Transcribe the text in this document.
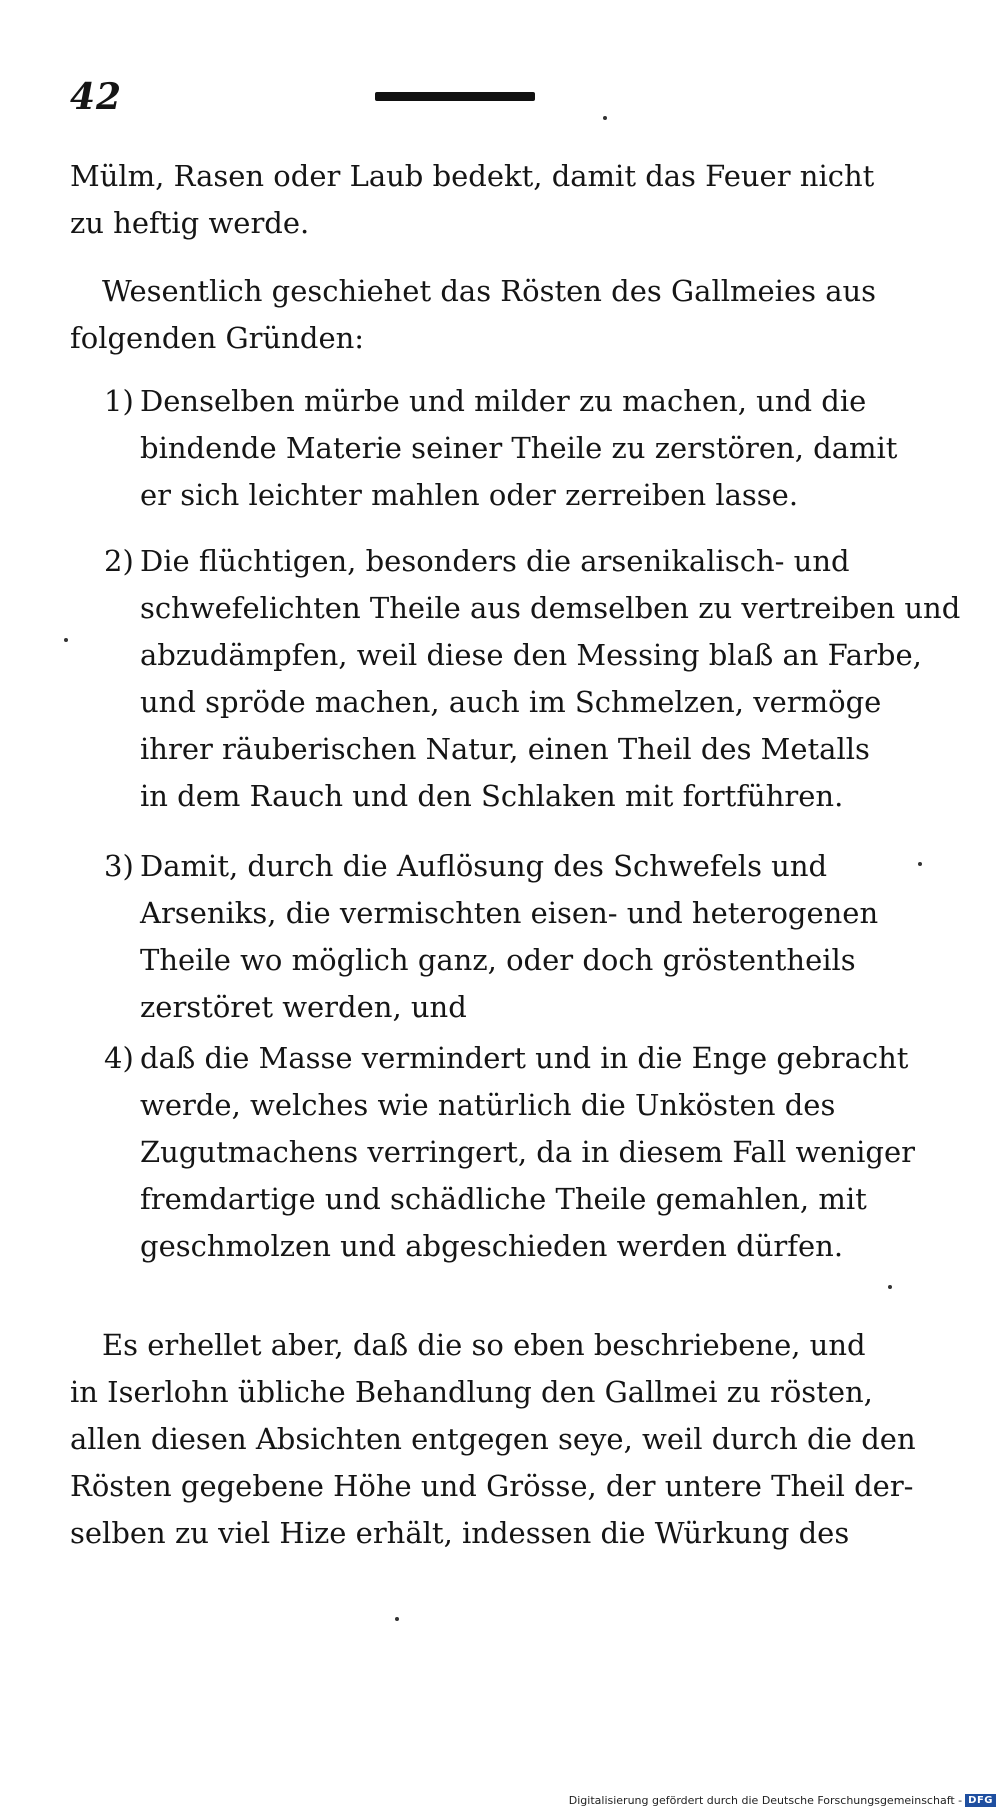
42
Mülm, Rasen oder Laub bedekt, damit das Feuer nicht
zu heftig werde.
Wesentlich geschiehet das Rösten des Gallmeies aus
folgenden Gründen:
1) Denselben mürbe und milder zu machen, und die
bindende Materie seiner Theile zu zerstören, damit
er sich leichter mahlen oder zerreiben lasse.
2) Die flüchtigen, besonders die arsenikalisch- und
schwefelichten Theile aus demselben zu vertreiben und
abzudämpfen, weil diese den Messing blaß an Farbe,
und spröde machen, auch im Schmelzen, vermöge
ihrer räuberischen Natur, einen Theil des Metalls
in dem Rauch und den Schlaken mit fortführen.
3) Damit, durch die Auflösung des Schwefels und
Arseniks, die vermischten eisen- und heterogenen
Theile wo möglich ganz, oder doch gröstentheils
zerstöret werden, und
4) daß die Masse vermindert und in die Enge gebracht
werde, welches wie natürlich die Unkösten des
Zugutmachens verringert, da in diesem Fall weniger
fremdartige und schädliche Theile gemahlen, mit
geschmolzen und abgeschieden werden dürfen.
Es erhellet aber, daß die so eben beschriebene, und
in Iserlohn übliche Behandlung den Gallmei zu rösten,
allen diesen Absichten entgegen seye, weil durch die den
Rösten gegebene Höhe und Grösse, der untere Theil der-
selben zu viel Hize erhält, indessen die Würkung des
Digitalisierung gefördert durch die Deutsche Forschungsgemeinschaft - DFG
